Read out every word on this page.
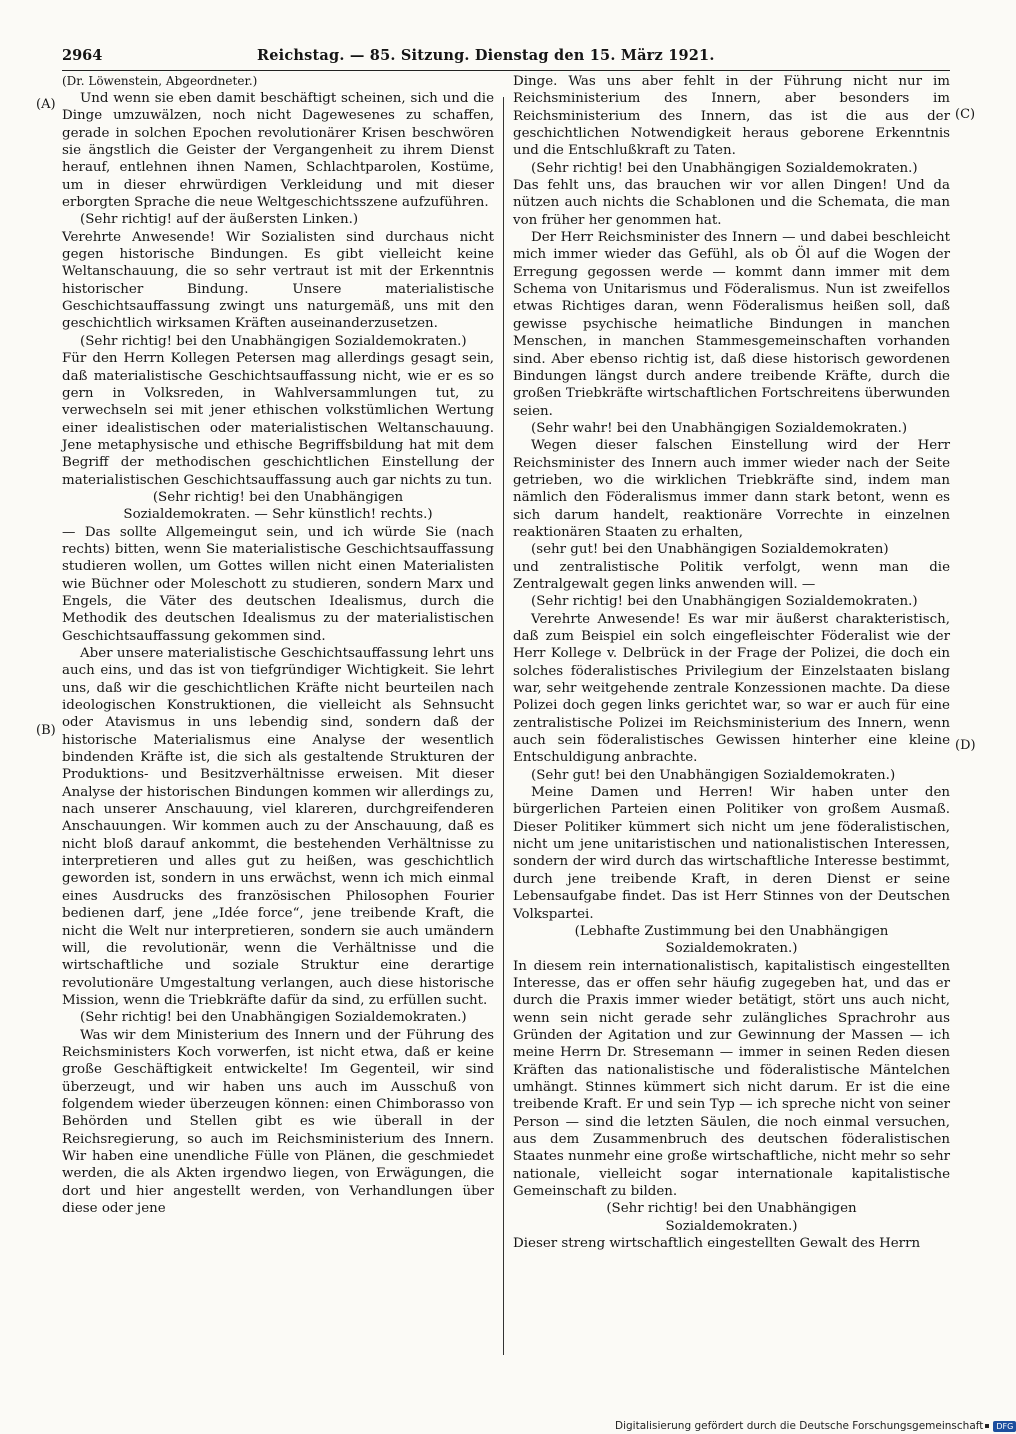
2964	Reichstag. — 85. Sitzung. Dienstag den 15. März 1921.
(A)
(B)
(C)
(D)

(Dr. Löwenstein, Abgeordneter.)

Und wenn sie eben damit beschäftigt scheinen, sich und die Dinge umzuwälzen, noch nicht Dagewesenes zu schaffen, gerade in solchen Epochen revolutionärer Krisen beschwören sie ängstlich die Geister der Vergangenheit zu ihrem Dienst herauf, entlehnen ihnen Namen, Schlachtparolen, Kostüme, um in dieser ehrwürdigen Verkleidung und mit dieser erborgten Sprache die neue Weltgeschichtsszene aufzuführen.

(Sehr richtig! auf der äußersten Linken.)

Verehrte Anwesende! Wir Sozialisten sind durchaus nicht gegen historische Bindungen. Es gibt vielleicht keine Weltanschauung, die so sehr vertraut ist mit der Erkenntnis historischer Bindung. Unsere materialistische Geschichtsauffassung zwingt uns naturgemäß, uns mit den geschichtlich wirksamen Kräften auseinanderzusetzen.

(Sehr richtig! bei den Unabhängigen Sozialdemokraten.)

Für den Herrn Kollegen Petersen mag allerdings gesagt sein, daß materialistische Geschichtsauffassung nicht, wie er es so gern in Volksreden, in Wahlversammlungen tut, zu verwechseln sei mit jener ethischen volkstümlichen Wertung einer idealistischen oder materialistischen Weltanschauung. Jene metaphysische und ethische Begriffsbildung hat mit dem Begriff der methodischen geschichtlichen Einstellung der materialistischen Geschichtsauffassung auch gar nichts zu tun.

(Sehr richtig! bei den Unabhängigen Sozialdemokraten. — Sehr künstlich! rechts.)

— Das sollte Allgemeingut sein, und ich würde Sie (nach rechts) bitten, wenn Sie materialistische Geschichtsauffassung studieren wollen, um Gottes willen nicht einen Materialisten wie Büchner oder Moleschott zu studieren, sondern Marx und Engels, die Väter des deutschen Idealismus, durch die Methodik des deutschen Idealismus zu der materialistischen Geschichtsauffassung gekommen sind.

Aber unsere materialistische Geschichtsauffassung lehrt uns auch eins, und das ist von tiefgründiger Wichtigkeit. Sie lehrt uns, daß wir die geschichtlichen Kräfte nicht beurteilen nach ideologischen Konstruktionen, die vielleicht als Sehnsucht oder Atavismus in uns lebendig sind, sondern daß der historische Materialismus eine Analyse der wesentlich bindenden Kräfte ist, die sich als gestaltende Strukturen der Produktions- und Besitzverhältnisse erweisen. Mit dieser Analyse der historischen Bindungen kommen wir allerdings zu, nach unserer Anschauung, viel klareren, durchgreifenderen Anschauungen. Wir kommen auch zu der Anschauung, daß es nicht bloß darauf ankommt, die bestehenden Verhältnisse zu interpretieren und alles gut zu heißen, was geschichtlich geworden ist, sondern in uns erwächst, wenn ich mich einmal eines Ausdrucks des französischen Philosophen Fourier bedienen darf, jene „Idée force“, jene treibende Kraft, die nicht die Welt nur interpretieren, sondern sie auch umändern will, die revolutionär, wenn die Verhältnisse und die wirtschaftliche und soziale Struktur eine derartige revolutionäre Umgestaltung verlangen, auch diese historische Mission, wenn die Triebkräfte dafür da sind, zu erfüllen sucht.

(Sehr richtig! bei den Unabhängigen Sozialdemokraten.)

Was wir dem Ministerium des Innern und der Führung des Reichsministers Koch vorwerfen, ist nicht etwa, daß er keine große Geschäftigkeit entwickelte! Im Gegenteil, wir sind überzeugt, und wir haben uns auch im Ausschuß von folgendem wieder überzeugen können: einen Chimborasso von Behörden und Stellen gibt es wie überall in der Reichsregierung, so auch im Reichsministerium des Innern. Wir haben eine unendliche Fülle von Plänen, die geschmiedet werden, die als Akten irgendwo liegen, von Erwägungen, die dort und hier angestellt werden, von Verhandlungen über diese oder jene

Dinge. Was uns aber fehlt in der Führung nicht nur im Reichsministerium des Innern, aber besonders im Reichsministerium des Innern, das ist die aus der geschichtlichen Notwendigkeit heraus geborene Erkenntnis und die Entschlußkraft zu Taten.

(Sehr richtig! bei den Unabhängigen Sozialdemokraten.)

Das fehlt uns, das brauchen wir vor allen Dingen! Und da nützen auch nichts die Schablonen und die Schemata, die man von früher her genommen hat.

Der Herr Reichsminister des Innern — und dabei beschleicht mich immer wieder das Gefühl, als ob Öl auf die Wogen der Erregung gegossen werde — kommt dann immer mit dem Schema von Unitarismus und Föderalismus. Nun ist zweifellos etwas Richtiges daran, wenn Föderalismus heißen soll, daß gewisse psychische heimatliche Bindungen in manchen Menschen, in manchen Stammesgemeinschaften vorhanden sind. Aber ebenso richtig ist, daß diese historisch gewordenen Bindungen längst durch andere treibende Kräfte, durch die großen Triebkräfte wirtschaftlichen Fortschreitens überwunden seien.

(Sehr wahr! bei den Unabhängigen Sozialdemokraten.)

Wegen dieser falschen Einstellung wird der Herr Reichsminister des Innern auch immer wieder nach der Seite getrieben, wo die wirklichen Triebkräfte sind, indem man nämlich den Föderalismus immer dann stark betont, wenn es sich darum handelt, reaktionäre Vorrechte in einzelnen reaktionären Staaten zu erhalten,

(sehr gut! bei den Unabhängigen Sozialdemokraten)

und zentralistische Politik verfolgt, wenn man die Zentralgewalt gegen links anwenden will. —

(Sehr richtig! bei den Unabhängigen Sozialdemokraten.)

Verehrte Anwesende! Es war mir äußerst charakteristisch, daß zum Beispiel ein solch eingefleischter Föderalist wie der Herr Kollege v. Delbrück in der Frage der Polizei, die doch ein solches föderalistisches Privilegium der Einzelstaaten bislang war, sehr weitgehende zentrale Konzessionen machte. Da diese Polizei doch gegen links gerichtet war, so war er auch für eine zentralistische Polizei im Reichsministerium des Innern, wenn auch sein föderalistisches Gewissen hinterher eine kleine Entschuldigung anbrachte.

(Sehr gut! bei den Unabhängigen Sozialdemokraten.)

Meine Damen und Herren! Wir haben unter den bürgerlichen Parteien einen Politiker von großem Ausmaß. Dieser Politiker kümmert sich nicht um jene föderalistischen, nicht um jene unitaristischen und nationalistischen Interessen, sondern der wird durch das wirtschaftliche Interesse bestimmt, durch jene treibende Kraft, in deren Dienst er seine Lebensaufgabe findet. Das ist Herr Stinnes von der Deutschen Volkspartei.

(Lebhafte Zustimmung bei den Unabhängigen Sozialdemokraten.)

In diesem rein internationalistisch, kapitalistisch eingestellten Interesse, das er offen sehr häufig zugegeben hat, und das er durch die Praxis immer wieder betätigt, stört uns auch nicht, wenn sein nicht gerade sehr zulängliches Sprachrohr aus Gründen der Agitation und zur Gewinnung der Massen — ich meine Herrn Dr. Stresemann — immer in seinen Reden diesen Kräften das nationalistische und föderalistische Mäntelchen umhängt. Stinnes kümmert sich nicht darum. Er ist die eine treibende Kraft. Er und sein Typ — ich spreche nicht von seiner Person — sind die letzten Säulen, die noch einmal versuchen, aus dem Zusammenbruch des deutschen föderalistischen Staates nunmehr eine große wirtschaftliche, nicht mehr so sehr nationale, vielleicht sogar internationale kapitalistische Gemeinschaft zu bilden.

(Sehr richtig! bei den Unabhängigen Sozialdemokraten.)

Dieser streng wirtschaftlich eingestellten Gewalt des Herrn

Digitalisierung gefördert durch die Deutsche Forschungsgemeinschaft DFG
